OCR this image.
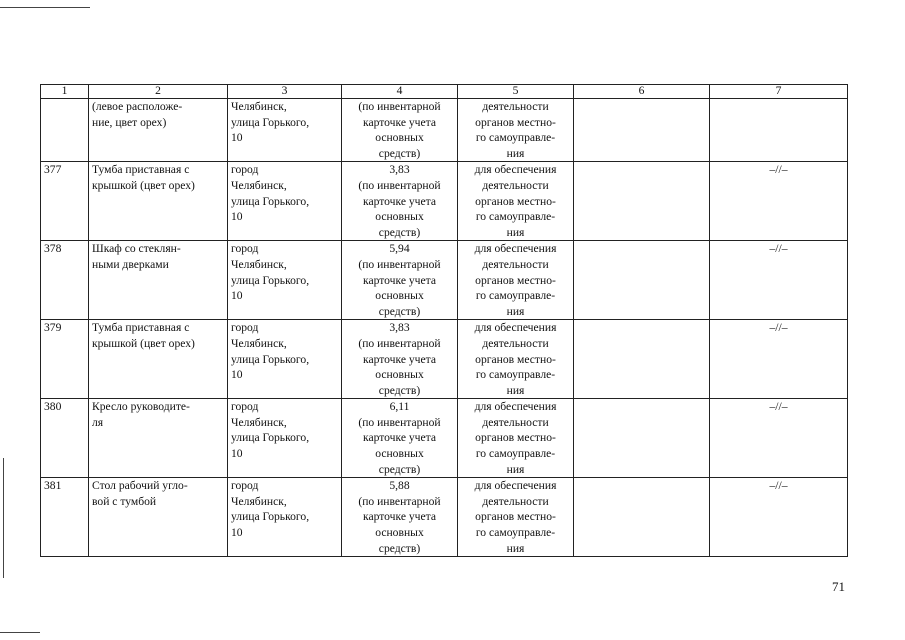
1	2	3	4	5	6	7

	(левое расположе-
ние, цвет орех)	Челябинск,
улица Горького,
10	(по инвентарной
карточке учета
основных
средств)	деятельности
органов местно-
го самоуправле-
ния		

377	Тумба приставная с
крышкой (цвет орех)	город
Челябинск,
улица Горького,
10	3,83
(по инвентарной
карточке учета
основных
средств)	для обеспечения
деятельности
органов местно-
го самоуправле-
ния		–//–

378	Шкаф со стеклян-
ными дверками	город
Челябинск,
улица Горького,
10	5,94
(по инвентарной
карточке учета
основных
средств)	для обеспечения
деятельности
органов местно-
го самоуправле-
ния		–//–

379	Тумба приставная с
крышкой (цвет орех)	город
Челябинск,
улица Горького,
10	3,83
(по инвентарной
карточке учета
основных
средств)	для обеспечения
деятельности
органов местно-
го самоуправле-
ния		–//–

380	Кресло руководите-
ля	город
Челябинск,
улица Горького,
10	6,11
(по инвентарной
карточке учета
основных
средств)	для обеспечения
деятельности
органов местно-
го самоуправле-
ния		–//–

381	Стол рабочий угло-
вой с тумбой	город
Челябинск,
улица Горького,
10	5,88
(по инвентарной
карточке учета
основных
средств)	для обеспечения
деятельности
органов местно-
го самоуправле-
ния		–//–
71
